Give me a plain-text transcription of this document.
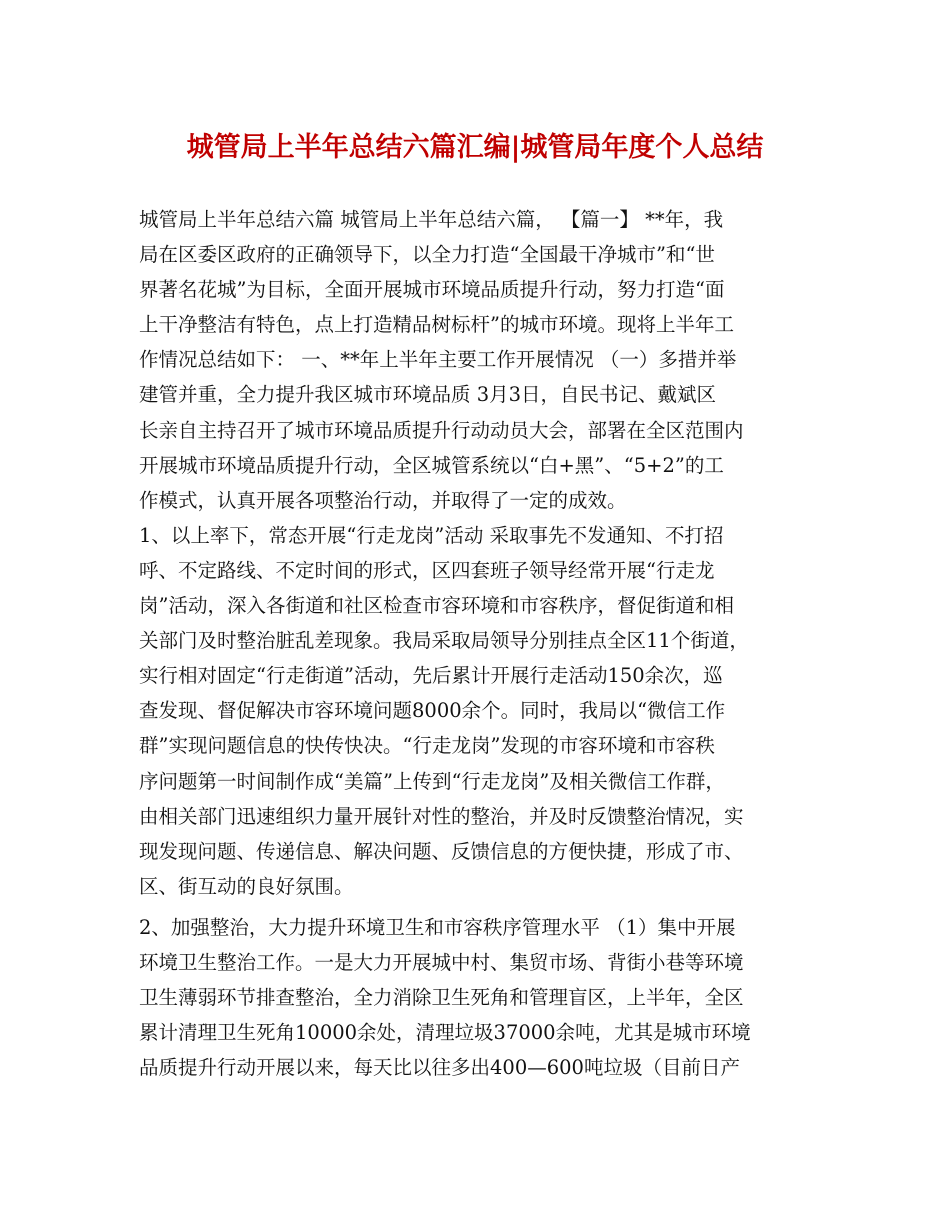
城管局上半年总结六篇汇编|城管局年度个人总结
城管局上半年总结六篇 城管局上半年总结六篇， 【篇一】 **年，我
局在区委区政府的正确领导下，以全力打造“全国最干净城市”和“世
界著名花城”为目标，全面开展城市环境品质提升行动，努力打造“面
上干净整洁有特色，点上打造精品树标杆”的城市环境。现将上半年工
作情况总结如下： 一、**年上半年主要工作开展情况 （一）多措并举
建管并重，全力提升我区城市环境品质 3月3日，自民书记、戴斌区
长亲自主持召开了城市环境品质提升行动动员大会，部署在全区范围内
开展城市环境品质提升行动，全区城管系统以“白+黑”、“5+2”的工
作模式，认真开展各项整治行动，并取得了一定的成效。
1、以上率下，常态开展“行走龙岗”活动 采取事先不发通知、不打招
呼、不定路线、不定时间的形式，区四套班子领导经常开展“行走龙
岗”活动，深入各街道和社区检查市容环境和市容秩序，督促街道和相
关部门及时整治脏乱差现象。我局采取局领导分别挂点全区11个街道，
实行相对固定“行走街道”活动，先后累计开展行走活动150余次，巡
查发现、督促解决市容环境问题8000余个。同时，我局以“微信工作
群”实现问题信息的快传快决。“行走龙岗”发现的市容环境和市容秩
序问题第一时间制作成“美篇”上传到“行走龙岗”及相关微信工作群，
由相关部门迅速组织力量开展针对性的整治，并及时反馈整治情况，实
现发现问题、传递信息、解决问题、反馈信息的方便快捷，形成了市、
区、街互动的良好氛围。
2、加强整治，大力提升环境卫生和市容秩序管理水平 （1）集中开展
环境卫生整治工作。一是大力开展城中村、集贸市场、背街小巷等环境
卫生薄弱环节排查整治，全力消除卫生死角和管理盲区，上半年，全区
累计清理卫生死角10000余处，清理垃圾37000余吨，尤其是城市环境
品质提升行动开展以来，每天比以往多出400—600吨垃圾（目前日产
